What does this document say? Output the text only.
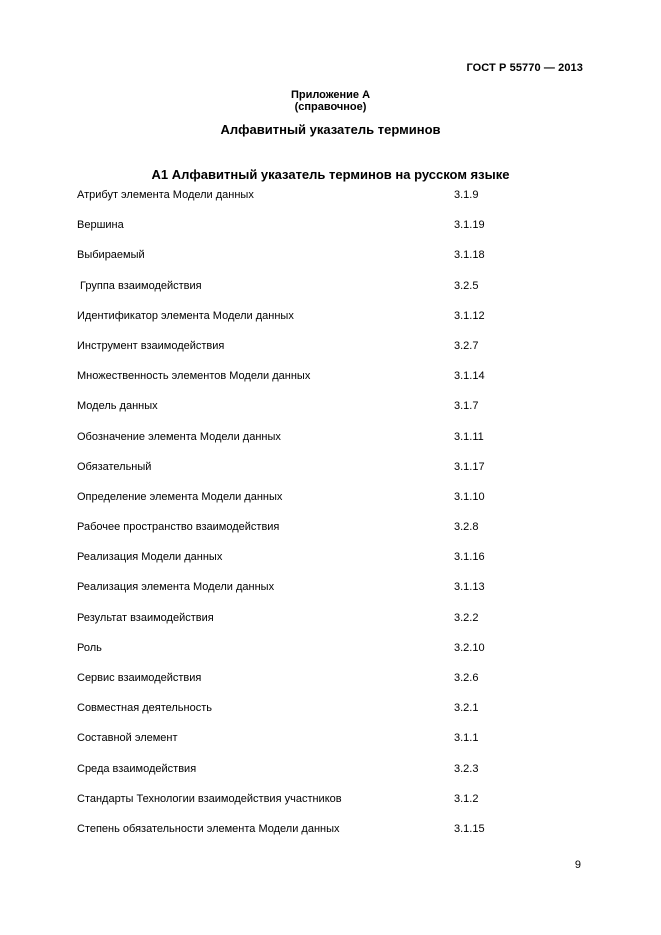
ГОСТ Р 55770 — 2013
Приложение А
(справочное)
Алфавитный указатель терминов
А1 Алфавитный указатель терминов на русском языке
Атрибут элемента Модели данных	3.1.9
Вершина	3.1.19
Выбираемый	3.1.18
Группа взаимодействия	3.2.5
Идентификатор элемента Модели данных	3.1.12
Инструмент взаимодействия	3.2.7
Множественность элементов Модели данных	3.1.14
Модель данных	3.1.7
Обозначение элемента Модели данных	3.1.11
Обязательный	3.1.17
Определение элемента Модели данных	3.1.10
Рабочее пространство взаимодействия	3.2.8
Реализация Модели данных	3.1.16
Реализация элемента Модели данных	3.1.13
Результат взаимодействия	3.2.2
Роль	3.2.10
Сервис взаимодействия	3.2.6
Совместная деятельность	3.2.1
Составной элемент	3.1.1
Среда взаимодействия	3.2.3
Стандарты Технологии взаимодействия участников	3.1.2
Степень обязательности элемента Модели данных	3.1.15
9
